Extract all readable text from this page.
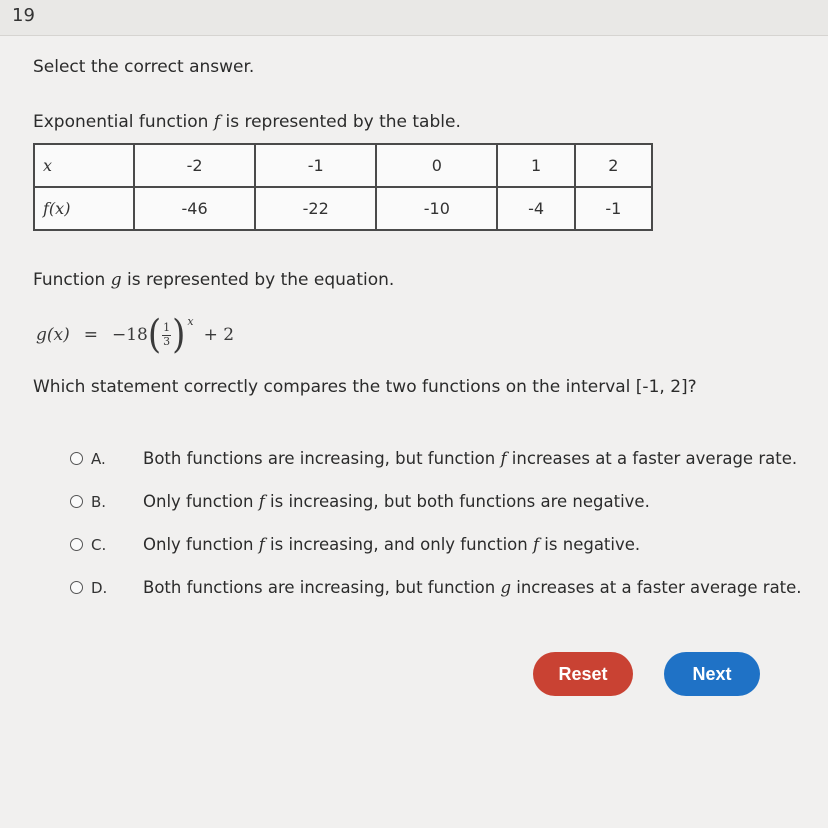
19
Select the correct answer.
Exponential function f is represented by the table.
x	-2	-1	0	1	2
f(x)	-46	-22	-10	-4	-1
Function g is represented by the equation.
g(x) = −18 ( $\frac{1}{3} )^x$
+ 2
Which statement correctly compares the two functions on the interval [-1, 2]?
A.	Both functions are increasing, but function f increases at a faster average rate.
B.	Only function f is increasing, but both functions are negative.
C.	Only function f is increasing, and only function f is negative.
D.	Both functions are increasing, but function g increases at a faster average rate.
Reset	Next
